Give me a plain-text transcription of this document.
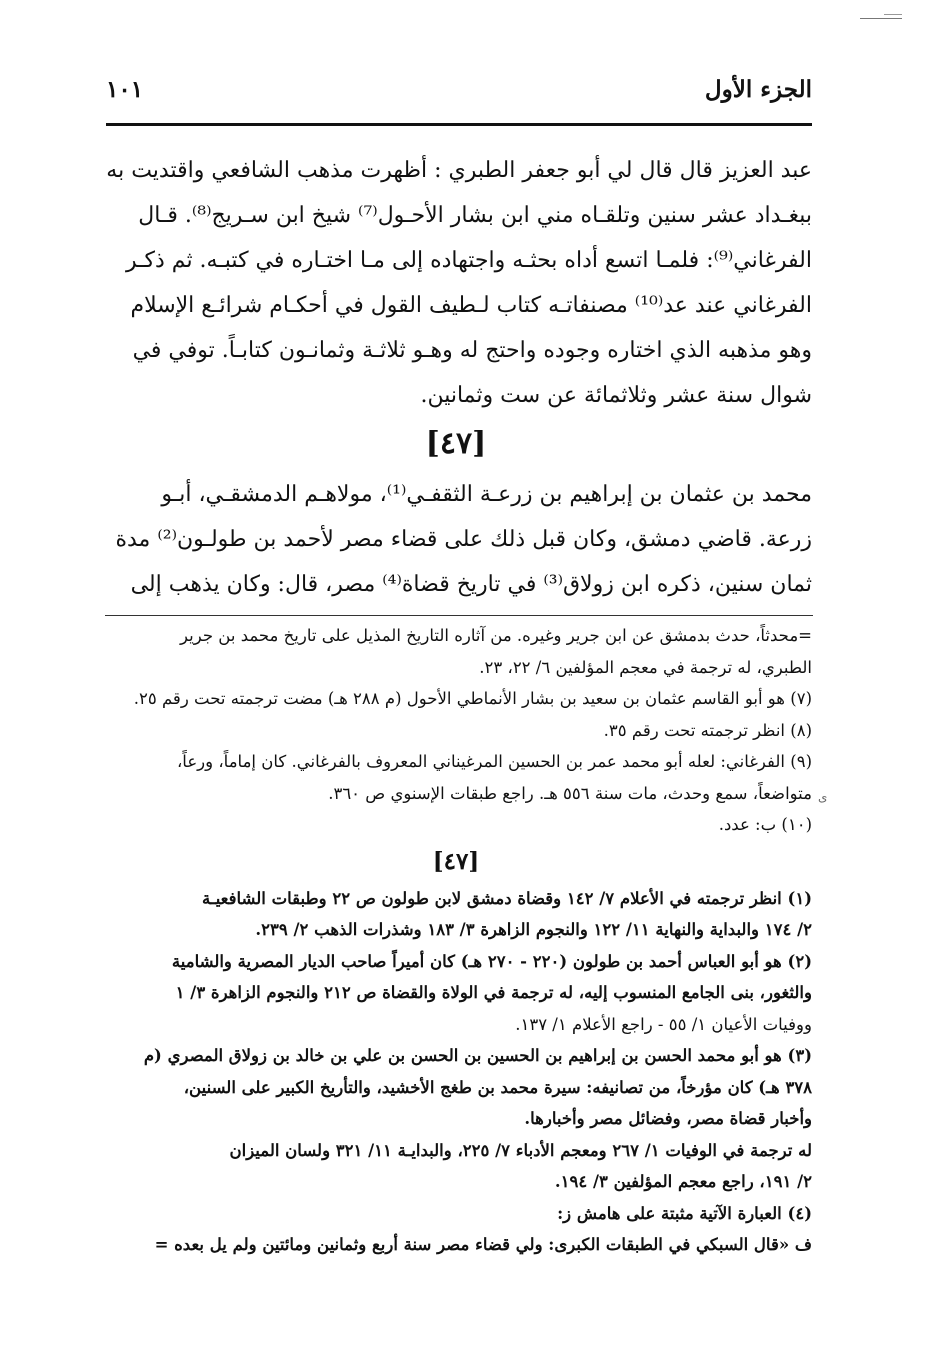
الجزء الأول
١٠١
عبد العزيز قال قال لي أبو جعفر الطبري : أظهرت مذهب الشافعي واقتديت به
ببغـداد عشر سنين وتلقـاه مني ابن بشار الأحـول⁽⁷⁾ شيخ ابن سـريج⁽⁸⁾. قـال
الفرغاني⁽⁹⁾: فلمـا اتسع أداه بحثـه واجتهاده إلى مـا اختـاره في كتبـه. ثم ذكـر
الفرغاني عند عد⁽¹⁰⁾ مصنفاتـه كتاب لـطيف القول في أحكـام شرائـع الإسلام
وهو مذهبه الذي اختاره وجوده واحتج له وهـو ثلاثـة وثمانـون كتابـاً. توفي في
شوال سنة عشر وثلاثمائة عن ست وثمانين.
[٤٧]
محمد بن عثمان بن إبراهيم بن زرعـة الثقفـي⁽¹⁾، مولاهـم الدمشقـي، أبـو
زرعة. قاضي دمشق، وكان قبل ذلك على قضاء مصر لأحمد بن طولـون⁽²⁾ مدة
ثمان سنين، ذكره ابن زولاق⁽³⁾ في تاريخ قضاة⁽⁴⁾ مصر، قال: وكان يذهب إلى
ﻯ
=محدثاً، حدث بدمشق عن ابن جرير وغيره. من آثاره التاريخ المذيل على تاريخ محمد بن جرير
الطبري، له ترجمة في معجم المؤلفين ٦/ ٢٢، ٢٣.
(٧) هو أبو القاسم عثمان بن سعيد بن بشار الأنماطي الأحول (م ٢٨٨ هـ) مضت ترجمته تحت رقم ٢٥.
(٨) انظر ترجمته تحت رقم ٣٥.
(٩) الفرغاني: لعله أبو محمد عمر بن الحسين المرغيناني المعروف بالفرغاني. كان إماماً، ورعاً،
متواضعاً، سمع وحدث، مات سنة ٥٥٦ هـ. راجع طبقات الإسنوي ص ٣٦٠.
(١٠) ب: عدد.
[٤٧]
(١) انظر ترجمته في الأعلام ٧/ ١٤٢ وقضاة دمشق لابن طولون ص ٢٢ وطبقات الشافعيـة
٢/ ١٧٤ والبداية والنهاية ١١/ ١٢٢ والنجوم الزاهرة ٣/ ١٨٣ وشذرات الذهب ٢/ ٢٣٩.
(٢) هو أبو العباس أحمد بن طولون (٢٢٠ - ٢٧٠ هـ) كان أميراً صاحب الديار المصرية والشامية
والثغور، بنى الجامع المنسوب إليه، له ترجمة في الولاة والقضاة ص ٢١٢ والنجوم الزاهرة ٣/ ١
ووفيات الأعيان ١/ ٥٥ - راجع الأعلام ١/ ١٣٧.
(٣) هو أبو محمد الحسن بن إبراهيم بن الحسين بن الحسن بن علي بن خالد بن زولاق المصري (م
٣٧٨ هـ) كان مؤرخاً، من تصانيفه: سيرة محمد بن طغج الأخشيد، والتأريخ الكبير على السنين،
وأخبار قضاة مصر، وفضائل مصر وأخبارها.
له ترجمة في الوفيات ١/ ٢٦٧ ومعجم الأدباء ٧/ ٢٢٥، والبدايـة ١١/ ٣٢١ ولسان الميزان
٢/ ١٩١، راجع معجم المؤلفين ٣/ ١٩٤.
(٤) العبارة الآتية مثبتة على هامش ز:
ف «قال السبكي في الطبقات الكبرى: ولي قضاء مصر سنة أربع وثمانين ومائتين ولم يل بعده =
